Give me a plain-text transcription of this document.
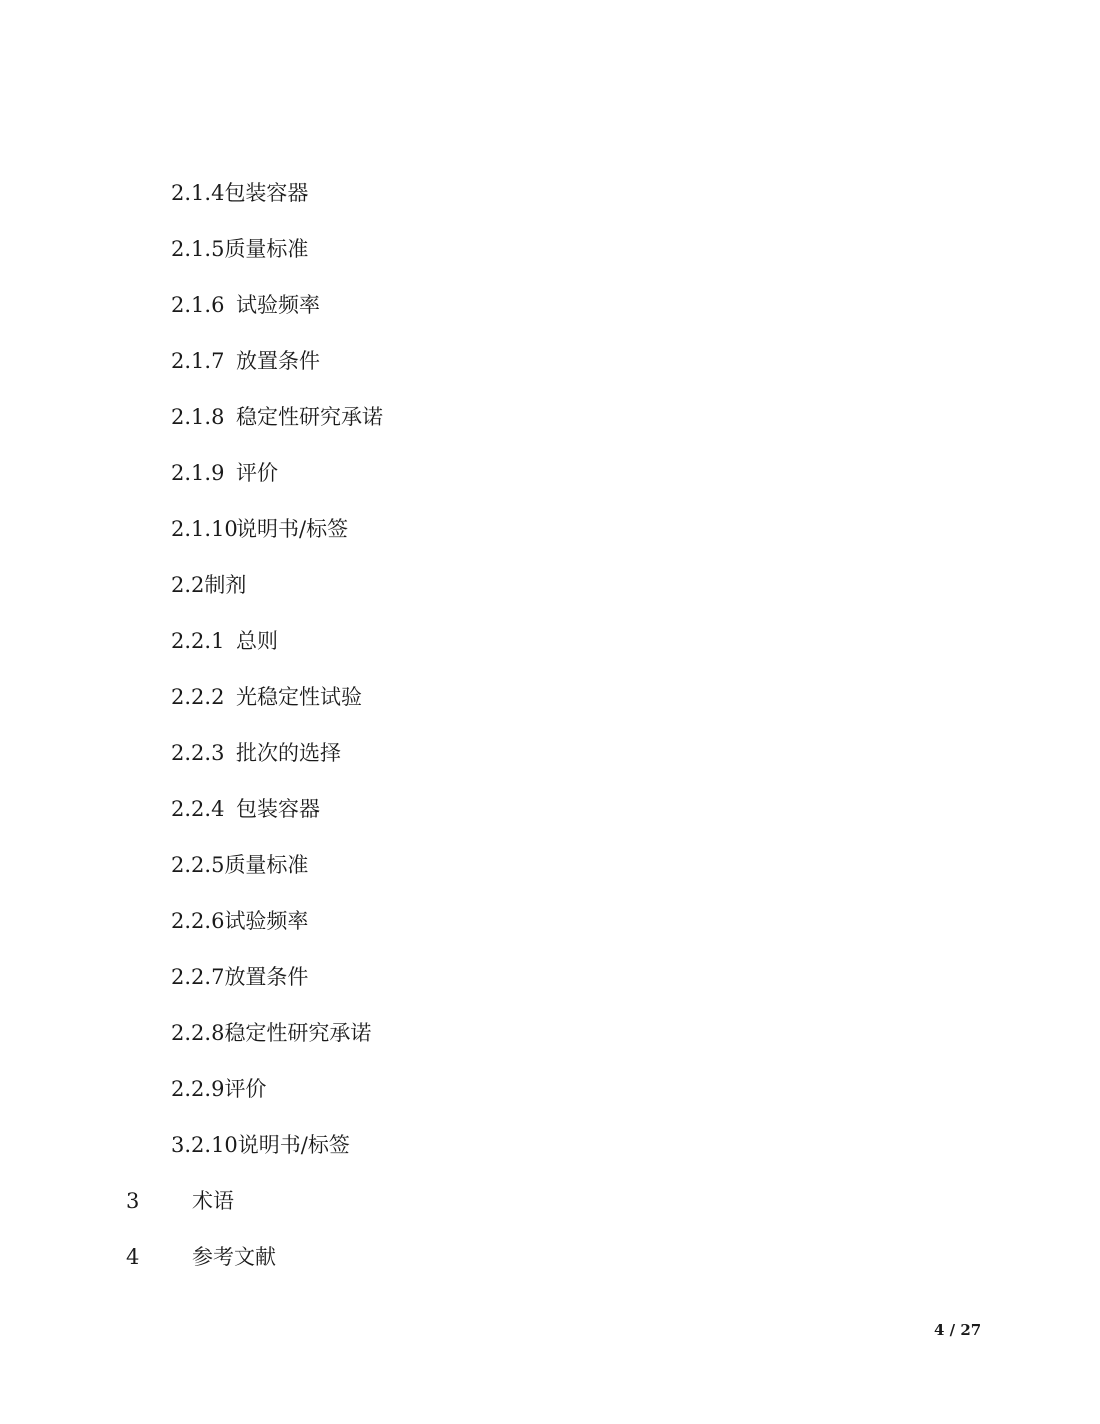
2.1.4包装容器
2.1.5质量标准
2.1.6 试验频率
2.1.7 放置条件
2.1.8 稳定性研究承诺
2.1.9 评价
2.1.10说明书/标签
2.2制剂
2.2.1 总则
2.2.2 光稳定性试验
2.2.3 批次的选择
2.2.4 包装容器
2.2.5质量标准
2.2.6试验频率
2.2.7放置条件
2.2.8稳定性研究承诺
2.2.9评价
3.2.10说明书/标签
3	术语
4	参考文献
4 / 27
